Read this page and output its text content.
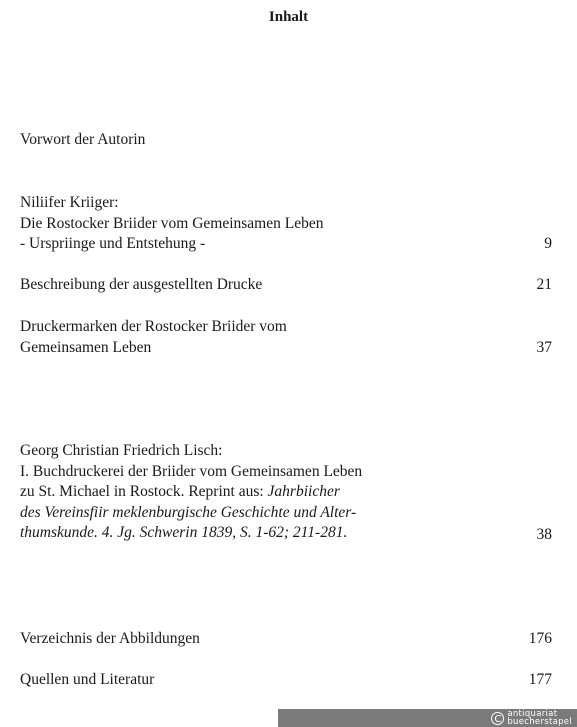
Inhalt
Vorwort der Autorin
Niliifer Kriiger:
Die Rostocker Briider vom Gemeinsamen Leben
- Urspriinge und Entstehung -	9
Beschreibung der ausgestellten Drucke	21
Druckermarken der Rostocker Briider vom
Gemeinsamen Leben	37
Georg Christian Friedrich Lisch:
I. Buchdruckerei der Briider vom Gemeinsamen Leben
zu St. Michael in Rostock. Reprint aus: Jahrbiicher
des Vereinsfiir meklenburgische Geschichte und Alter-
thumskunde. 4. Jg. Schwerin 1839, S. 1-62; 211-281.	38
Verzeichnis der Abbildungen	176
Quellen und Literatur	177
C antiquariat
buecherstapel
